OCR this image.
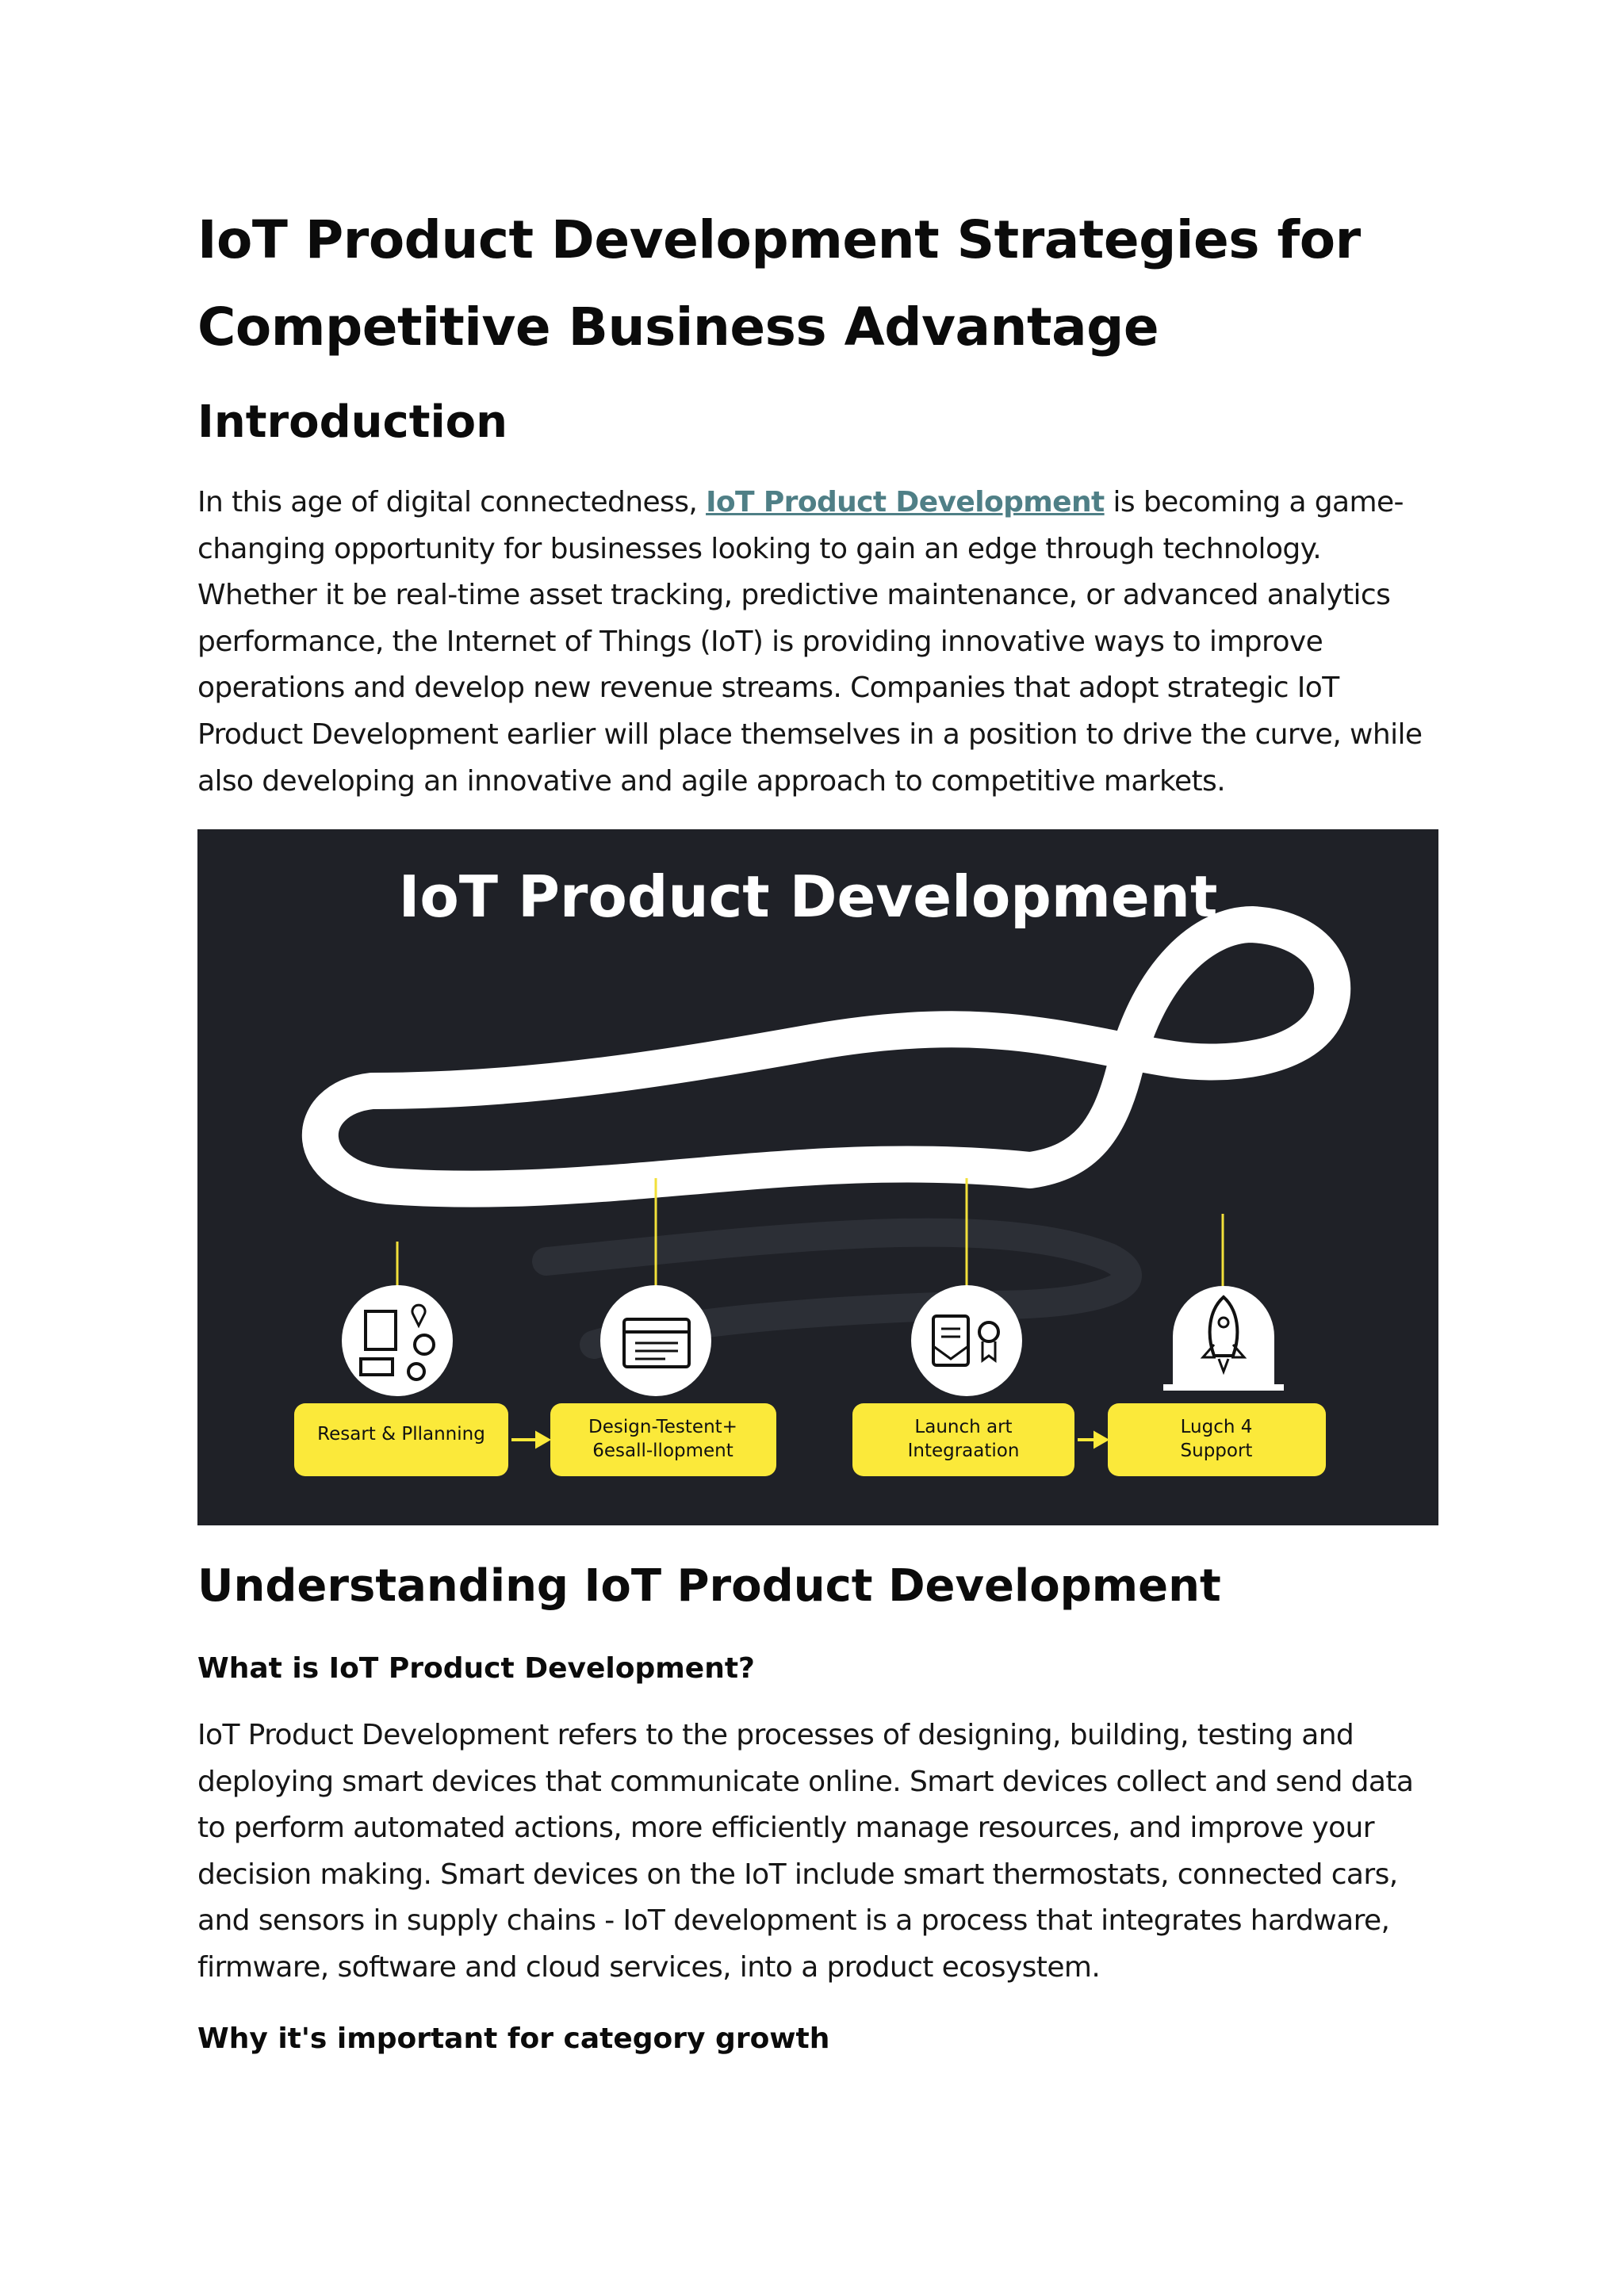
IoT Product Development Strategies for Competitive Business Advantage
Introduction

In this age of digital connectedness, IoT Product Development is becoming a game-changing opportunity for businesses looking to gain an edge through technology. Whether it be real-time asset tracking, predictive maintenance, or advanced analytics performance, the Internet of Things (IoT) is providing innovative ways to improve operations and develop new revenue streams. Companies that adopt strategic IoT Product Development earlier will place themselves in a position to drive the curve, while also developing an innovative and agile approach to competitive markets.

IoT Product Development
Resart & Pllanning	Design-Testent+
6esall-llopment
Launch art
Integraation
Lugch 4
Support
Understanding IoT Product Development
What is IoT Product Development?

IoT Product Development refers to the processes of designing, building, testing and deploying smart devices that communicate online. Smart devices collect and send data to perform automated actions, more efficiently manage resources, and improve your decision making. Smart devices on the IoT include smart thermostats, connected cars, and sensors in supply chains - IoT development is a process that integrates hardware, firmware, software and cloud services, into a product ecosystem.

Why it's important for category growth
